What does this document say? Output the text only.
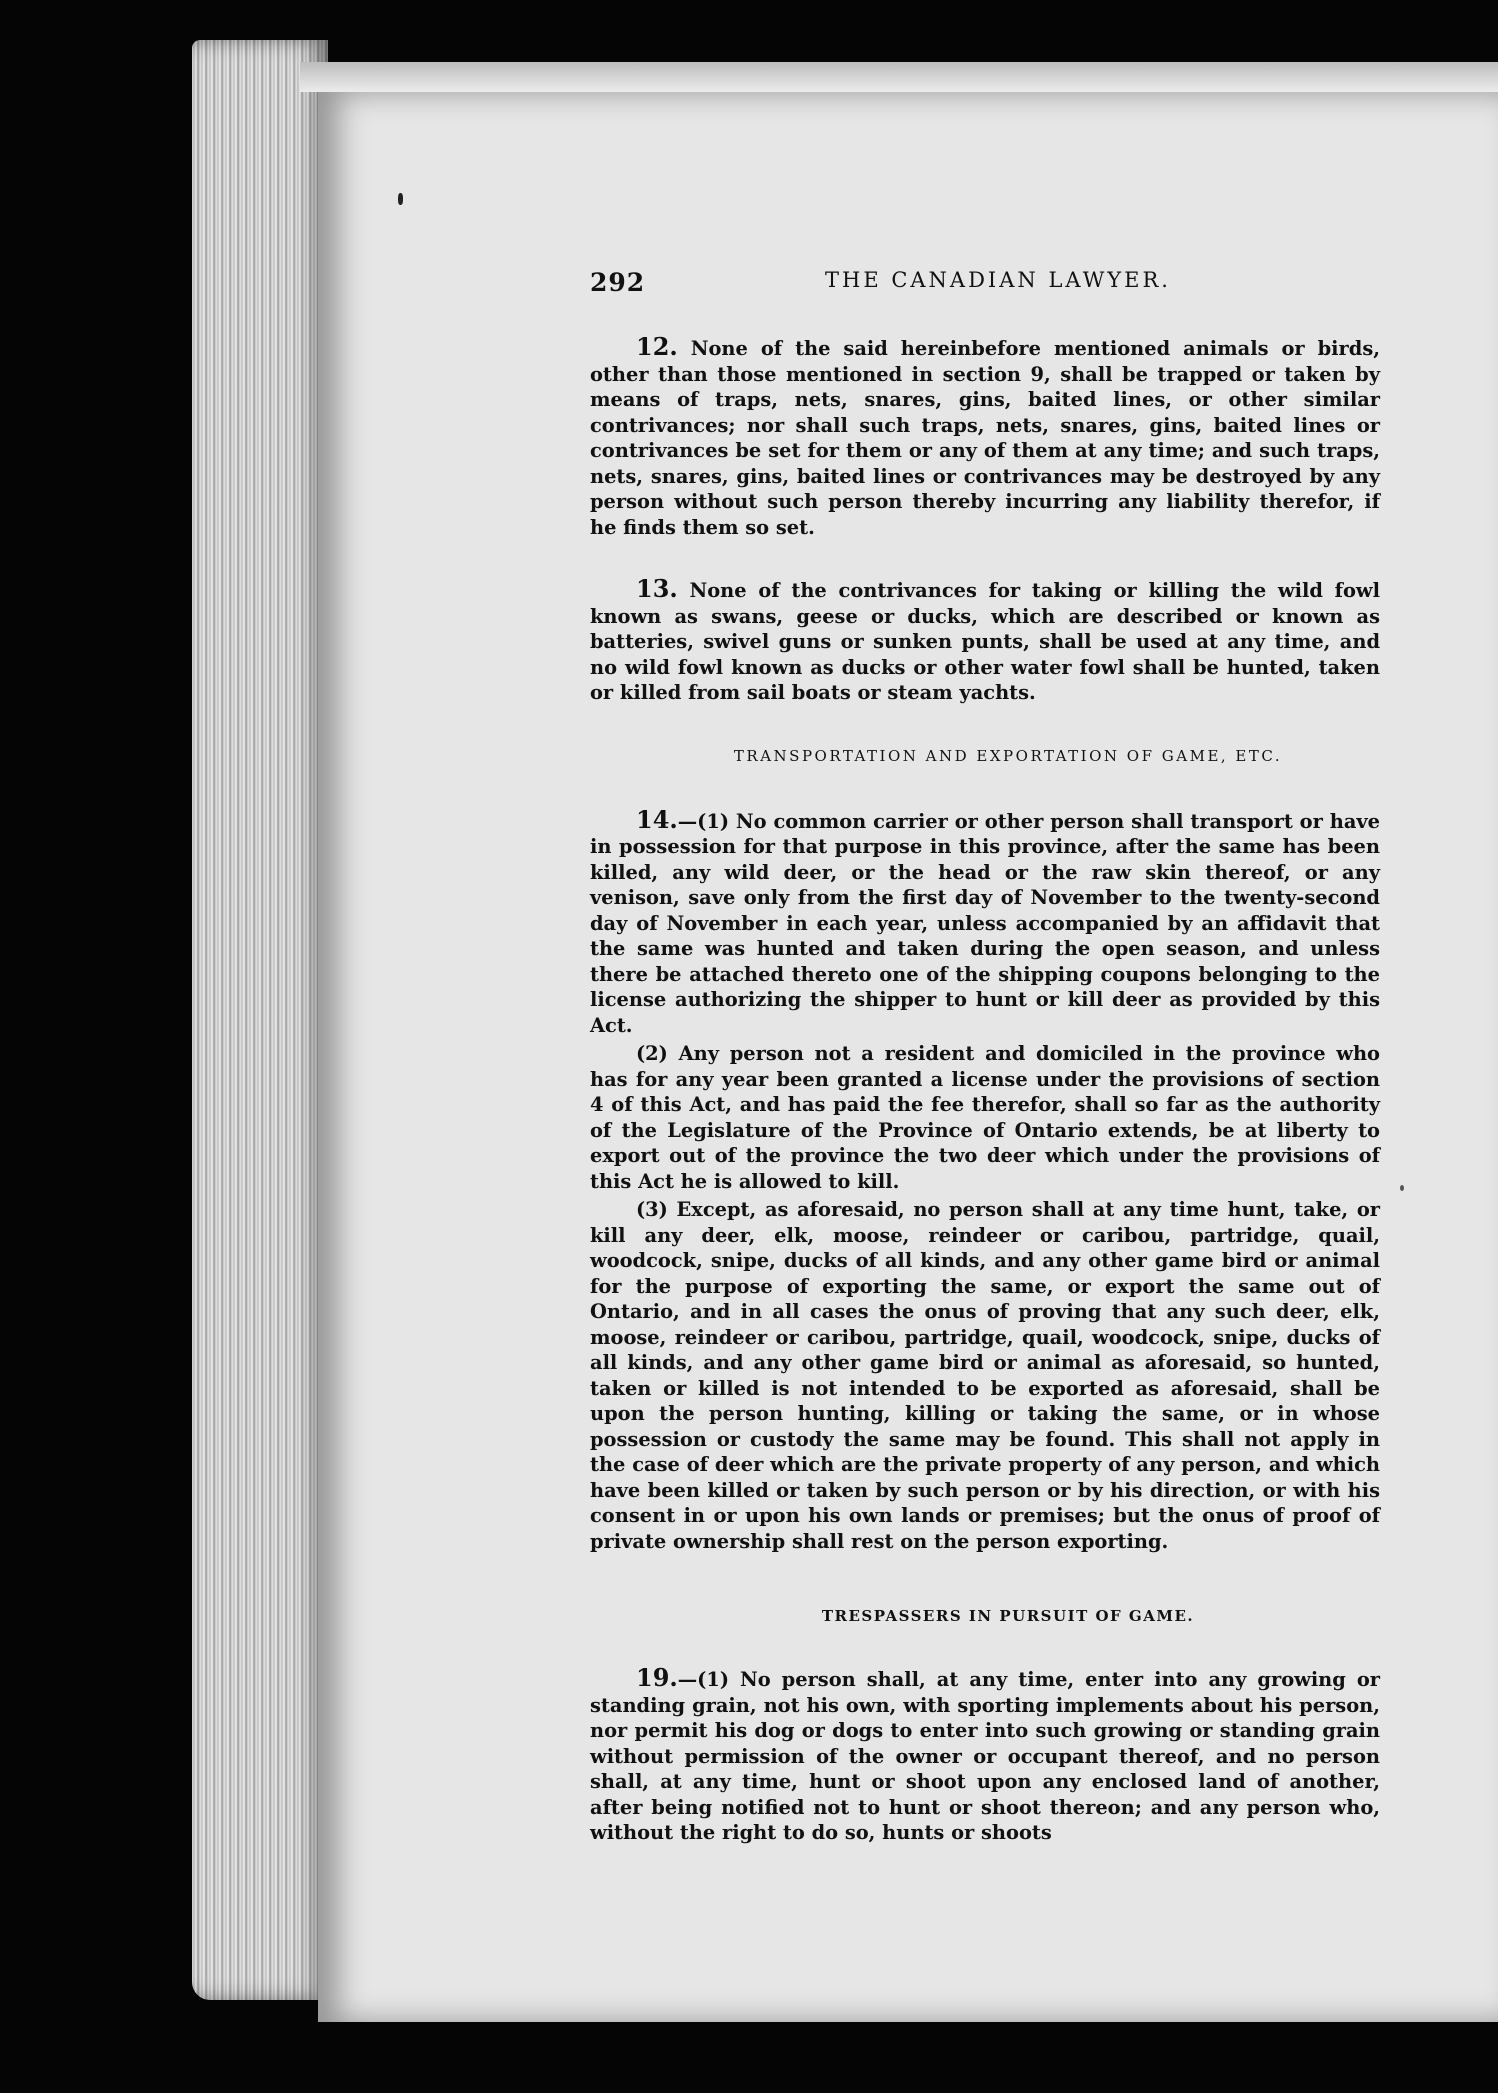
292	THE CANADIAN LAWYER.

12. None of the said hereinbefore mentioned animals or birds, other than those mentioned in section 9, shall be trapped or taken by means of traps, nets, snares, gins, baited lines, or other similar contrivances; nor shall such traps, nets, snares, gins, baited lines or contrivances be set for them or any of them at any time; and such traps, nets, snares, gins, baited lines or contrivances may be destroyed by any person without such person thereby incurring any liability therefor, if he finds them so set.

13. None of the contrivances for taking or killing the wild fowl known as swans, geese or ducks, which are described or known as batteries, swivel guns or sunken punts, shall be used at any time, and no wild fowl known as ducks or other water fowl shall be hunted, taken or killed from sail boats or steam yachts.

TRANSPORTATION AND EXPORTATION OF GAME, ETC.

14.—(1) No common carrier or other person shall transport or have in possession for that purpose in this province, after the same has been killed, any wild deer, or the head or the raw skin thereof, or any venison, save only from the first day of November to the twenty-second day of November in each year, unless accompanied by an affidavit that the same was hunted and taken during the open season, and unless there be attached thereto one of the shipping coupons belonging to the license authorizing the shipper to hunt or kill deer as provided by this Act.

(2) Any person not a resident and domiciled in the province who has for any year been granted a license under the provisions of section 4 of this Act, and has paid the fee therefor, shall so far as the authority of the Legislature of the Province of Ontario extends, be at liberty to export out of the province the two deer which under the provisions of this Act he is allowed to kill.

(3) Except, as aforesaid, no person shall at any time hunt, take, or kill any deer, elk, moose, reindeer or caribou, partridge, quail, woodcock, snipe, ducks of all kinds, and any other game bird or animal for the purpose of exporting the same, or export the same out of Ontario, and in all cases the onus of proving that any such deer, elk, moose, reindeer or caribou, partridge, quail, woodcock, snipe, ducks of all kinds, and any other game bird or animal as aforesaid, so hunted, taken or killed is not intended to be exported as aforesaid, shall be upon the person hunting, killing or taking the same, or in whose possession or custody the same may be found. This shall not apply in the case of deer which are the private property of any person, and which have been killed or taken by such person or by his direction, or with his consent in or upon his own lands or premises; but the onus of proof of private ownership shall rest on the person exporting.

TRESPASSERS IN PURSUIT OF GAME.

19.—(1) No person shall, at any time, enter into any growing or standing grain, not his own, with sporting implements about his person, nor permit his dog or dogs to enter into such growing or standing grain without permission of the owner or occupant thereof, and no person shall, at any time, hunt or shoot upon any enclosed land of another, after being notified not to hunt or shoot thereon; and any person who, without the right to do so, hunts or shoots
